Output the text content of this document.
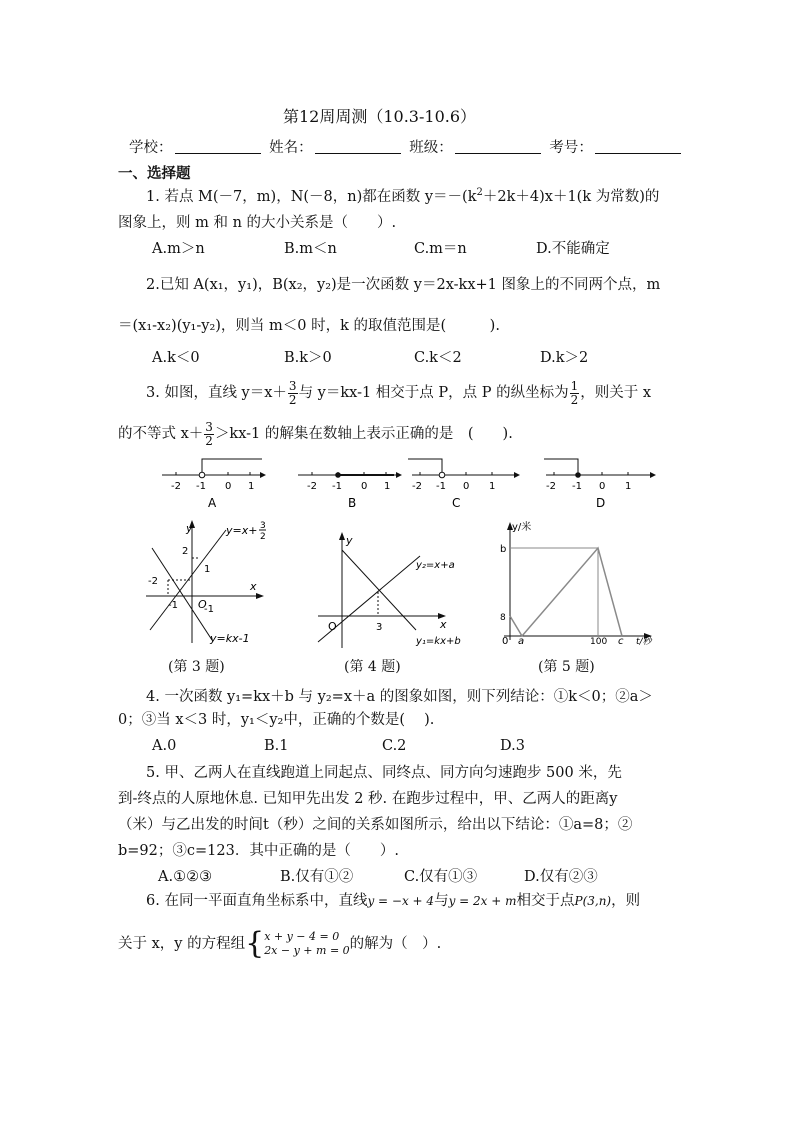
第12周周测（10.3-10.6）
学校：	姓名：	班级：	考号：
一、选择题
1. 若点 M(－7，m)，N(－8，n)都在函数 $y=-(k^2+2k+4)x+1(k$ 为常数)的
图象上，则 m 和 n 的大小关系是（　　）.
A.m＞n	B.m＜n	C.m＝n	D.不能确定
2.已知 A(x₁，y₁)，B(x₂，y₂)是一次函数 y＝2x-kx+1 图象上的不同两个点，m
＝(x₁-x₂)(y₁-y₂)，则当 m＜0 时，k 的取值范围是(　　　).
A.k＜0	B.k＞0	C.k＜2	D.k＞2
3. 如图，直线 $y=x+ \frac{3}{2}$ 与 y＝kx-1 相交于点 P，点 P 的纵坐标为 $\frac{1}{2}$ ，则关于 x
的不等式 $x+ \frac{3}{2} >kx-1$ 的解集在数轴上表示正确的是　(　　).
-2 -1 0 1
A
-2 -1 0 1
B
-2 -1 0 1
C
-2 -1 0 1
D
y
x
y=x+ 3
2
y=kx-1
O
2
1
-2
-1	-1
(第 3 题)
y
x
O	3
y₂=x+a
y₁=kx+b
(第 4 题)
y/米
b
8
0 a	100 c t/秒
(第 5 题)
4. 一次函数 y₁=kx＋b 与 y₂=x＋a 的图象如图，则下列结论：①k＜0；②a＞
0；③当 x＜3 时，y₁＜y₂中，正确的个数是(　 ).
A.0	B.1	C.2	D.3
5. 甲、乙两人在直线跑道上同起点、同终点、同方向匀速跑步 500 米，先
到-终点的人原地休息. 已知甲先出发 2 秒. 在跑步过程中，甲、乙两人的距离y
（米）与乙出发的时间t（秒）之间的关系如图所示，给出以下结论：①a=8；②
b=92；③c=123．其中正确的是（　　）.
A.①②③	B.仅有①②	C.仅有①③	D.仅有②③
6. 在同一平面直角坐标系中，直线y = −x + 4与y = 2x + m相交于点P(3,n)，则
关于 x，y 的方程组{ x + y − 4 = 0
2x − y + m = 0 的解为（　）.
